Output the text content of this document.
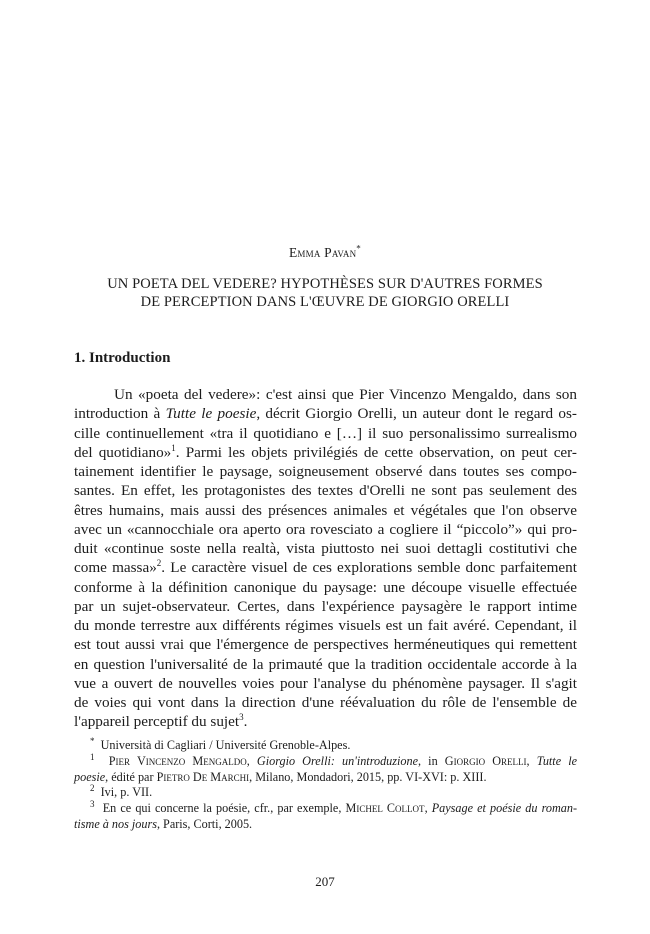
Emma Pavan*
UN POETA DEL VEDERE? HYPOTHÈSES SUR D'AUTRES FORMES
DE PERCEPTION DANS L'ŒUVRE DE GIORGIO ORELLI
1. Introduction
Un «poeta del vedere»: c'est ainsi que Pier Vincenzo Mengaldo, dans son
introduction à Tutte le poesie, décrit Giorgio Orelli, un auteur dont le regard os-
cille continuellement «tra il quotidiano e […] il suo personalissimo surrealismo
del quotidiano»$^1$. Parmi les objets privilégiés de cette observation, on peut cer-
tainement identifier le paysage, soigneusement observé dans toutes ses compo-
santes. En effet, les protagonistes des textes d'Orelli ne sont pas seulement des
êtres humains, mais aussi des présences animales et végétales que l'on observe
avec un «cannocchiale ora aperto ora rovesciato a cogliere il “piccolo”» qui pro-
duit «continue soste nella realtà, vista piuttosto nei suoi dettagli costitutivi che
come massa»$^2$. Le caractère visuel de ces explorations semble donc parfaitement
conforme à la définition canonique du paysage: une découpe visuelle effectuée
par un sujet-observateur. Certes, dans l'expérience paysagère le rapport intime
du monde terrestre aux différents régimes visuels est un fait avéré. Cependant, il
est tout aussi vrai que l'émergence de perspectives herméneutiques qui remettent
en question l'universalité de la primauté que la tradition occidentale accorde à la
vue a ouvert de nouvelles voies pour l'analyse du phénomène paysager. Il s'agit
de voies qui vont dans la direction d'une réévaluation du rôle de l'ensemble de
l'appareil perceptif du sujet$^3$.
* Università di Cagliari / Université Grenoble-Alpes.
$^1$ Pier Vincenzo Mengaldo, Giorgio Orelli: un'introduzione, in Giorgio Orelli, Tutte le
poesie, édité par Pietro De Marchi, Milano, Mondadori, 2015, pp. VI-XVI: p. XIII.
$^2$ Ivi, p. VII.
$^3$ En ce qui concerne la poésie, cfr., par exemple, Michel Collot, Paysage et poésie du roman-
tisme à nos jours, Paris, Corti, 2005.
207
